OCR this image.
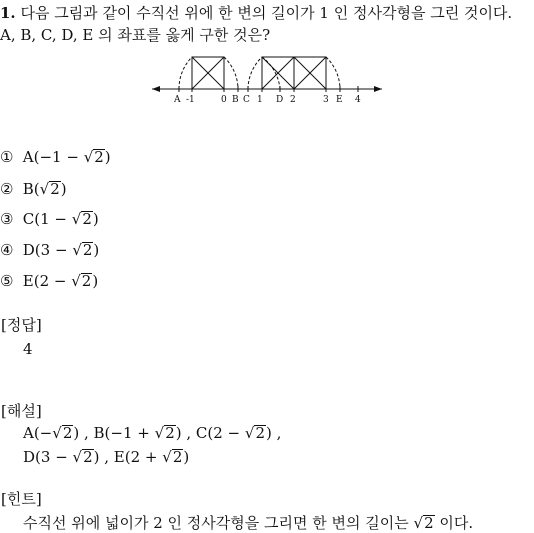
1. 다음 그림과 같이 수직선 위에 한 변의 길이가 1 인 정사각형을 그린 것이다.
A, B, C, D, E 의 좌표를 옳게 구한 것은?
A -1	0 B C 1 D 2	3 E 4
① A(−1 − √2)
② B(√2)
③ C(1 − √2)
④ D(3 − √2)
⑤ E(2 − √2)
[정답]
4
[해설]
A(−√2) , B(−1 + √2) , C(2 − √2) ,
D(3 − √2) , E(2 + √2)
[힌트]
수직선 위에 넓이가 2 인 정사각형을 그리면 한 변의 길이는 √2 이다.
